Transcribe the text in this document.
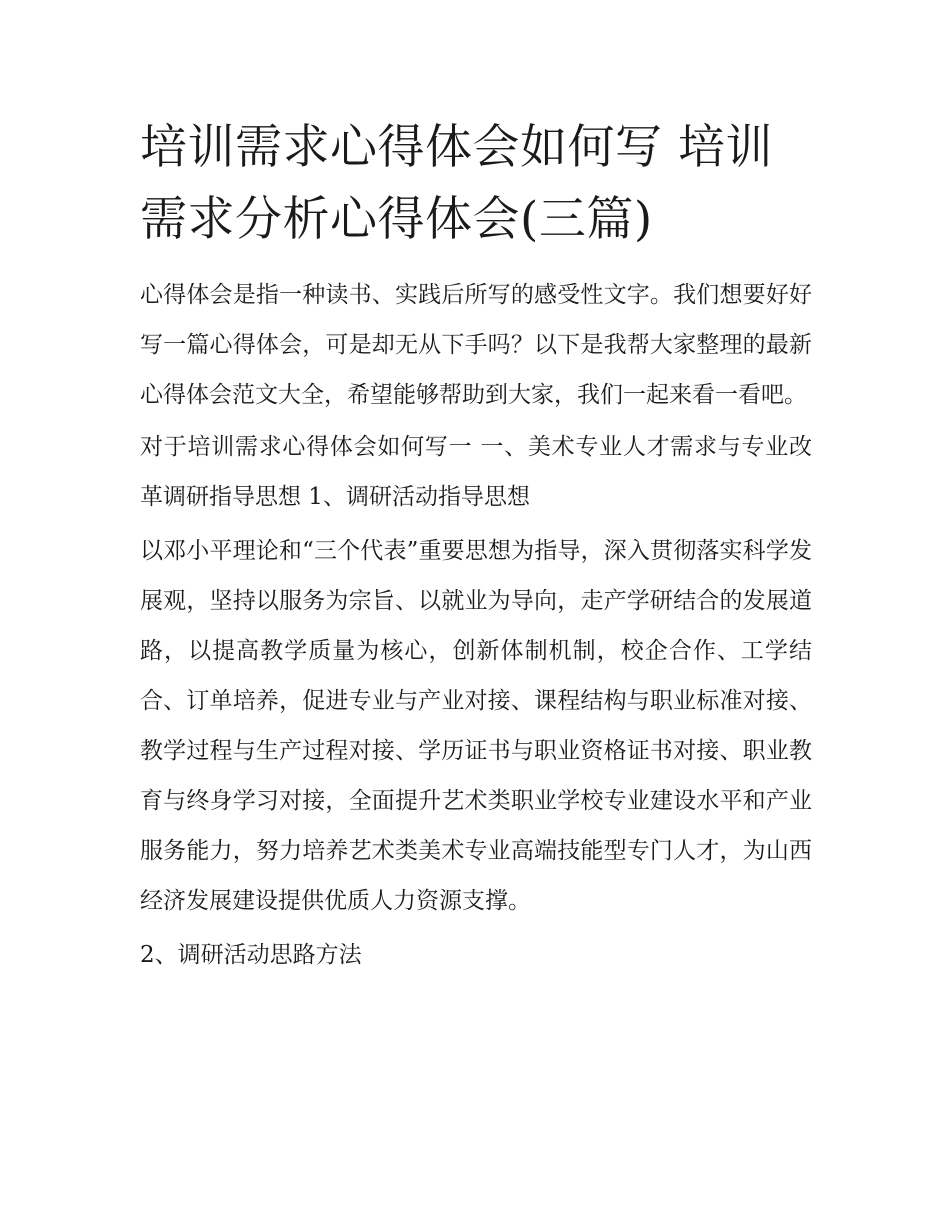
培训需求心得体会如何写 培训需求分析心得体会(三篇)

心得体会是指一种读书、实践后所写的感受性文字。我们想要好好写一篇心得体会，可是却无从下手吗？以下是我帮大家整理的最新心得体会范文大全，希望能够帮助到大家，我们一起来看一看吧。

对于培训需求心得体会如何写一 一、美术专业人才需求与专业改革调研指导思想 1、调研活动指导思想

以邓小平理论和“三个代表”重要思想为指导，深入贯彻落实科学发展观，坚持以服务为宗旨、以就业为导向，走产学研结合的发展道路，以提高教学质量为核心，创新体制机制，校企合作、工学结合、订单培养，促进专业与产业对接、课程结构与职业标准对接、教学过程与生产过程对接、学历证书与职业资格证书对接、职业教育与终身学习对接，全面提升艺术类职业学校专业建设水平和产业服务能力，努力培养艺术类美术专业高端技能型专门人才，为山西经济发展建设提供优质人力资源支撑。

2、调研活动思路方法
